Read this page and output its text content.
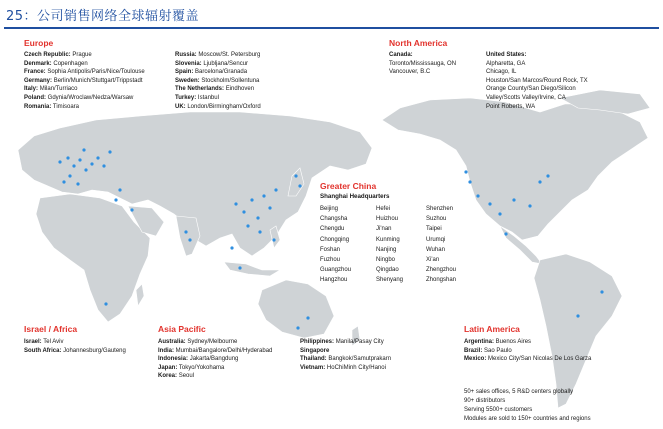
25：公司销售网络全球辐射覆盖
Europe
Czech Republic: Prague
Denmark: Copenhagen
France: Sophia Antipolis/Paris/Nice/Toulouse
Germany: Berlin/Munich/Stuttgart/Trippstadt
Italy: Milan/Turriaco
Poland: Gdynia/Wroclaw/Nedza/Warsaw
Romania: Timisoara
Russia: Moscow/St. Petersburg
Slovenia: Ljubljana/Sencur
Spain: Barcelona/Granada
Sweden: Stockholm/Sollentuna
The Netherlands: Eindhoven
Turkey: Istanbul
UK: London/Birmingham/Oxford
North America
Canada:
Toronto/Mississauga, ON
Vancouver, B.C
United States:
Alpharetta, GA
Chicago, IL
Houston/San Marcos/Round Rock, TX
Orange County/San Diego/Silicon
Valley/Scotts Valley/Irvine, CA
Point Roberts, WA
Greater China
Shanghai Headquarters
Beijing
Changsha
Chengdu
Chongqing
Foshan
Fuzhou
Guangzhou
Hangzhou
Hefei
Huizhou
Ji'nan
Kunming
Nanjing
Ningbo
Qingdao
Shenyang
Shenzhen
Suzhou
Taipei
Urumqi
Wuhan
Xi'an
Zhengzhou
Zhongshan
Israel / Africa
Israel: Tel Aviv
South Africa: Johannesburg/Gauteng
Asia Pacific
Australia: Sydney/Melbourne
India: Mumbai/Bangalore/Delhi/Hyderabad
Indonesia: Jakarta/Bangdung
Japan: Tokyo/Yokohama
Korea: Seoul
Philippines: Manila/Pasay City
Singapore
Thailand: Bangkok/Samutprakarn
Vietnam: HoChiMinh City/Hanoi
Latin America
Argentina: Buenos Aires
Brazil: Sao Paulo
Mexico: Mexico City/San Nicolas De Los Garza
50+ sales offices, 5 R&D centers globally
90+ distributors
Serving 5500+ customers
Modules are sold to 150+ countries and regions
